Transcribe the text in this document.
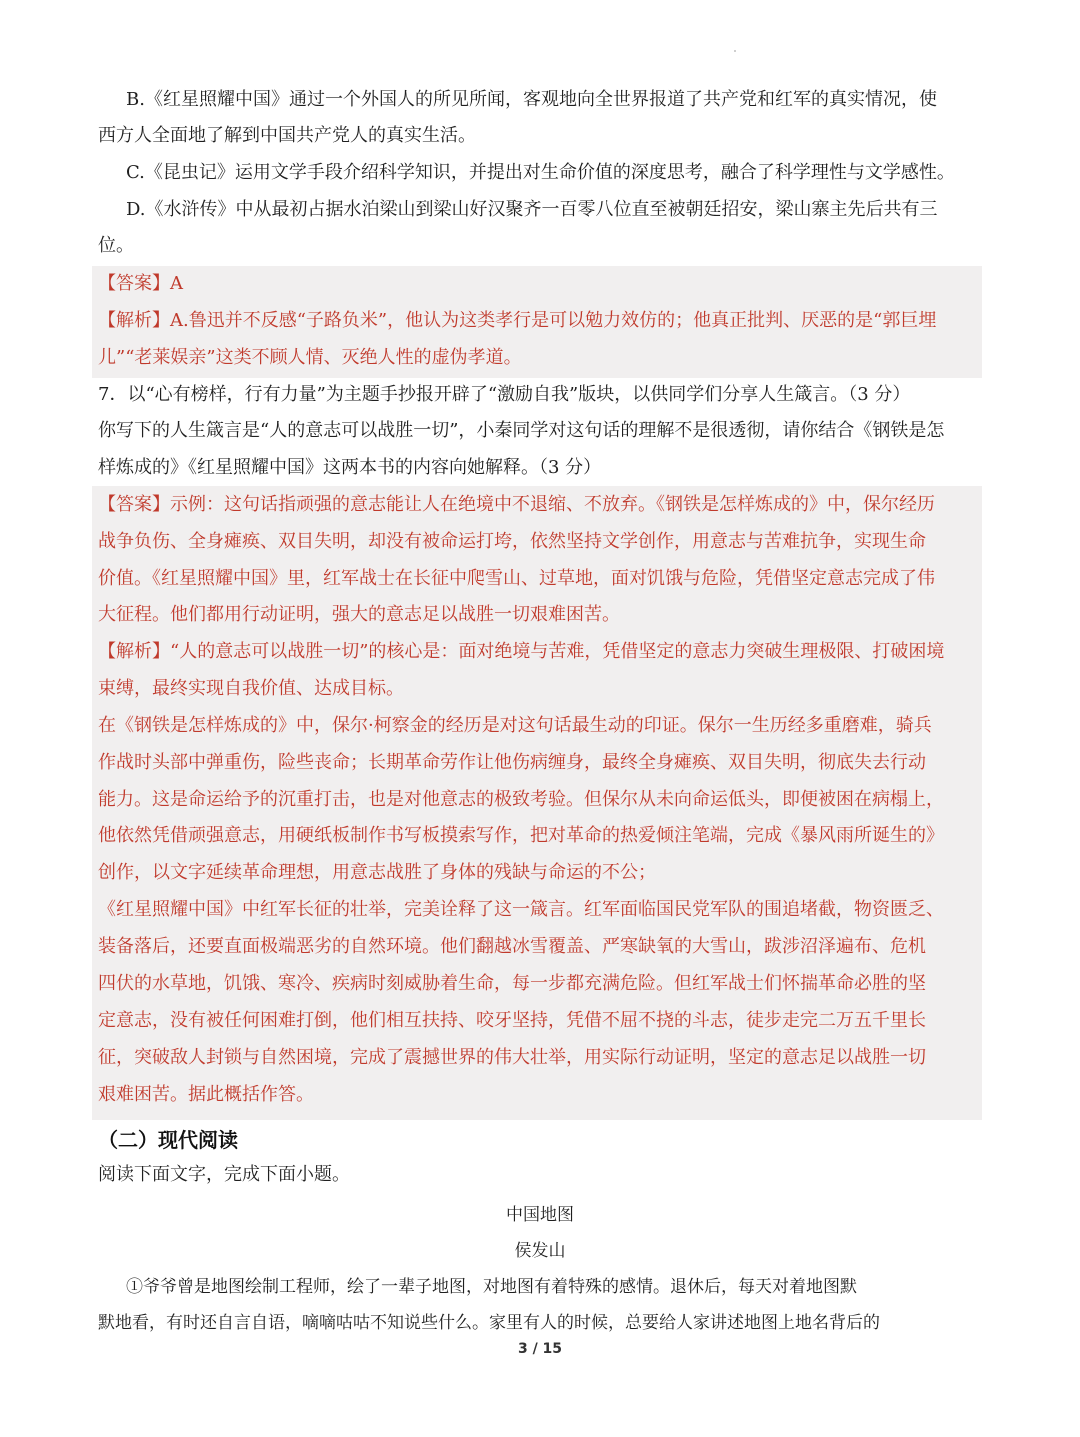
B.《红星照耀中国》通过一个外国人的所见所闻，客观地向全世界报道了共产党和红军的真实情况，使
西方人全面地了解到中国共产党人的真实生活。
C.《昆虫记》运用文学手段介绍科学知识，并提出对生命价值的深度思考，融合了科学理性与文学感性。
D.《水浒传》中从最初占据水泊梁山到梁山好汉聚齐一百零八位直至被朝廷招安，梁山寨主先后共有三
位。
【答案】A
【解析】A.鲁迅并不反感“子路负米”，他认为这类孝行是可以勉力效仿的；他真正批判、厌恶的是“郭巨埋
儿”“老莱娱亲”这类不顾人情、灭绝人性的虚伪孝道。
7．以“心有榜样，行有力量”为主题手抄报开辟了“激励自我”版块，以供同学们分享人生箴言。（3 分）
你写下的人生箴言是“人的意志可以战胜一切”，小秦同学对这句话的理解不是很透彻，请你结合《钢铁是怎
样炼成的》《红星照耀中国》这两本书的内容向她解释。（3 分）
【答案】示例：这句话指顽强的意志能让人在绝境中不退缩、不放弃。《钢铁是怎样炼成的》中，保尔经历
战争负伤、全身瘫痪、双目失明，却没有被命运打垮，依然坚持文学创作，用意志与苦难抗争，实现生命
价值。《红星照耀中国》里，红军战士在长征中爬雪山、过草地，面对饥饿与危险，凭借坚定意志完成了伟
大征程。他们都用行动证明，强大的意志足以战胜一切艰难困苦。
【解析】“人的意志可以战胜一切”的核心是：面对绝境与苦难，凭借坚定的意志力突破生理极限、打破困境
束缚，最终实现自我价值、达成目标。
在《钢铁是怎样炼成的》中，保尔·柯察金的经历是对这句话最生动的印证。保尔一生历经多重磨难，骑兵
作战时头部中弹重伤，险些丧命；长期革命劳作让他伤病缠身，最终全身瘫痪、双目失明，彻底失去行动
能力。这是命运给予的沉重打击，也是对他意志的极致考验。但保尔从未向命运低头，即便被困在病榻上，
他依然凭借顽强意志，用硬纸板制作书写板摸索写作，把对革命的热爱倾注笔端，完成《暴风雨所诞生的》
创作，以文字延续革命理想，用意志战胜了身体的残缺与命运的不公；
《红星照耀中国》中红军长征的壮举，完美诠释了这一箴言。红军面临国民党军队的围追堵截，物资匮乏、
装备落后，还要直面极端恶劣的自然环境。他们翻越冰雪覆盖、严寒缺氧的大雪山，跋涉沼泽遍布、危机
四伏的水草地，饥饿、寒冷、疾病时刻威胁着生命，每一步都充满危险。但红军战士们怀揣革命必胜的坚
定意志，没有被任何困难打倒，他们相互扶持、咬牙坚持，凭借不屈不挠的斗志，徒步走完二万五千里长
征，突破敌人封锁与自然困境，完成了震撼世界的伟大壮举，用实际行动证明，坚定的意志足以战胜一切
艰难困苦。据此概括作答。
（二）现代阅读
阅读下面文字，完成下面小题。
中国地图
侯发山
①爷爷曾是地图绘制工程师，绘了一辈子地图，对地图有着特殊的感情。退休后，每天对着地图默
默地看，有时还自言自语，嘀嘀咕咕不知说些什么。家里有人的时候，总要给人家讲述地图上地名背后的
3 / 15
